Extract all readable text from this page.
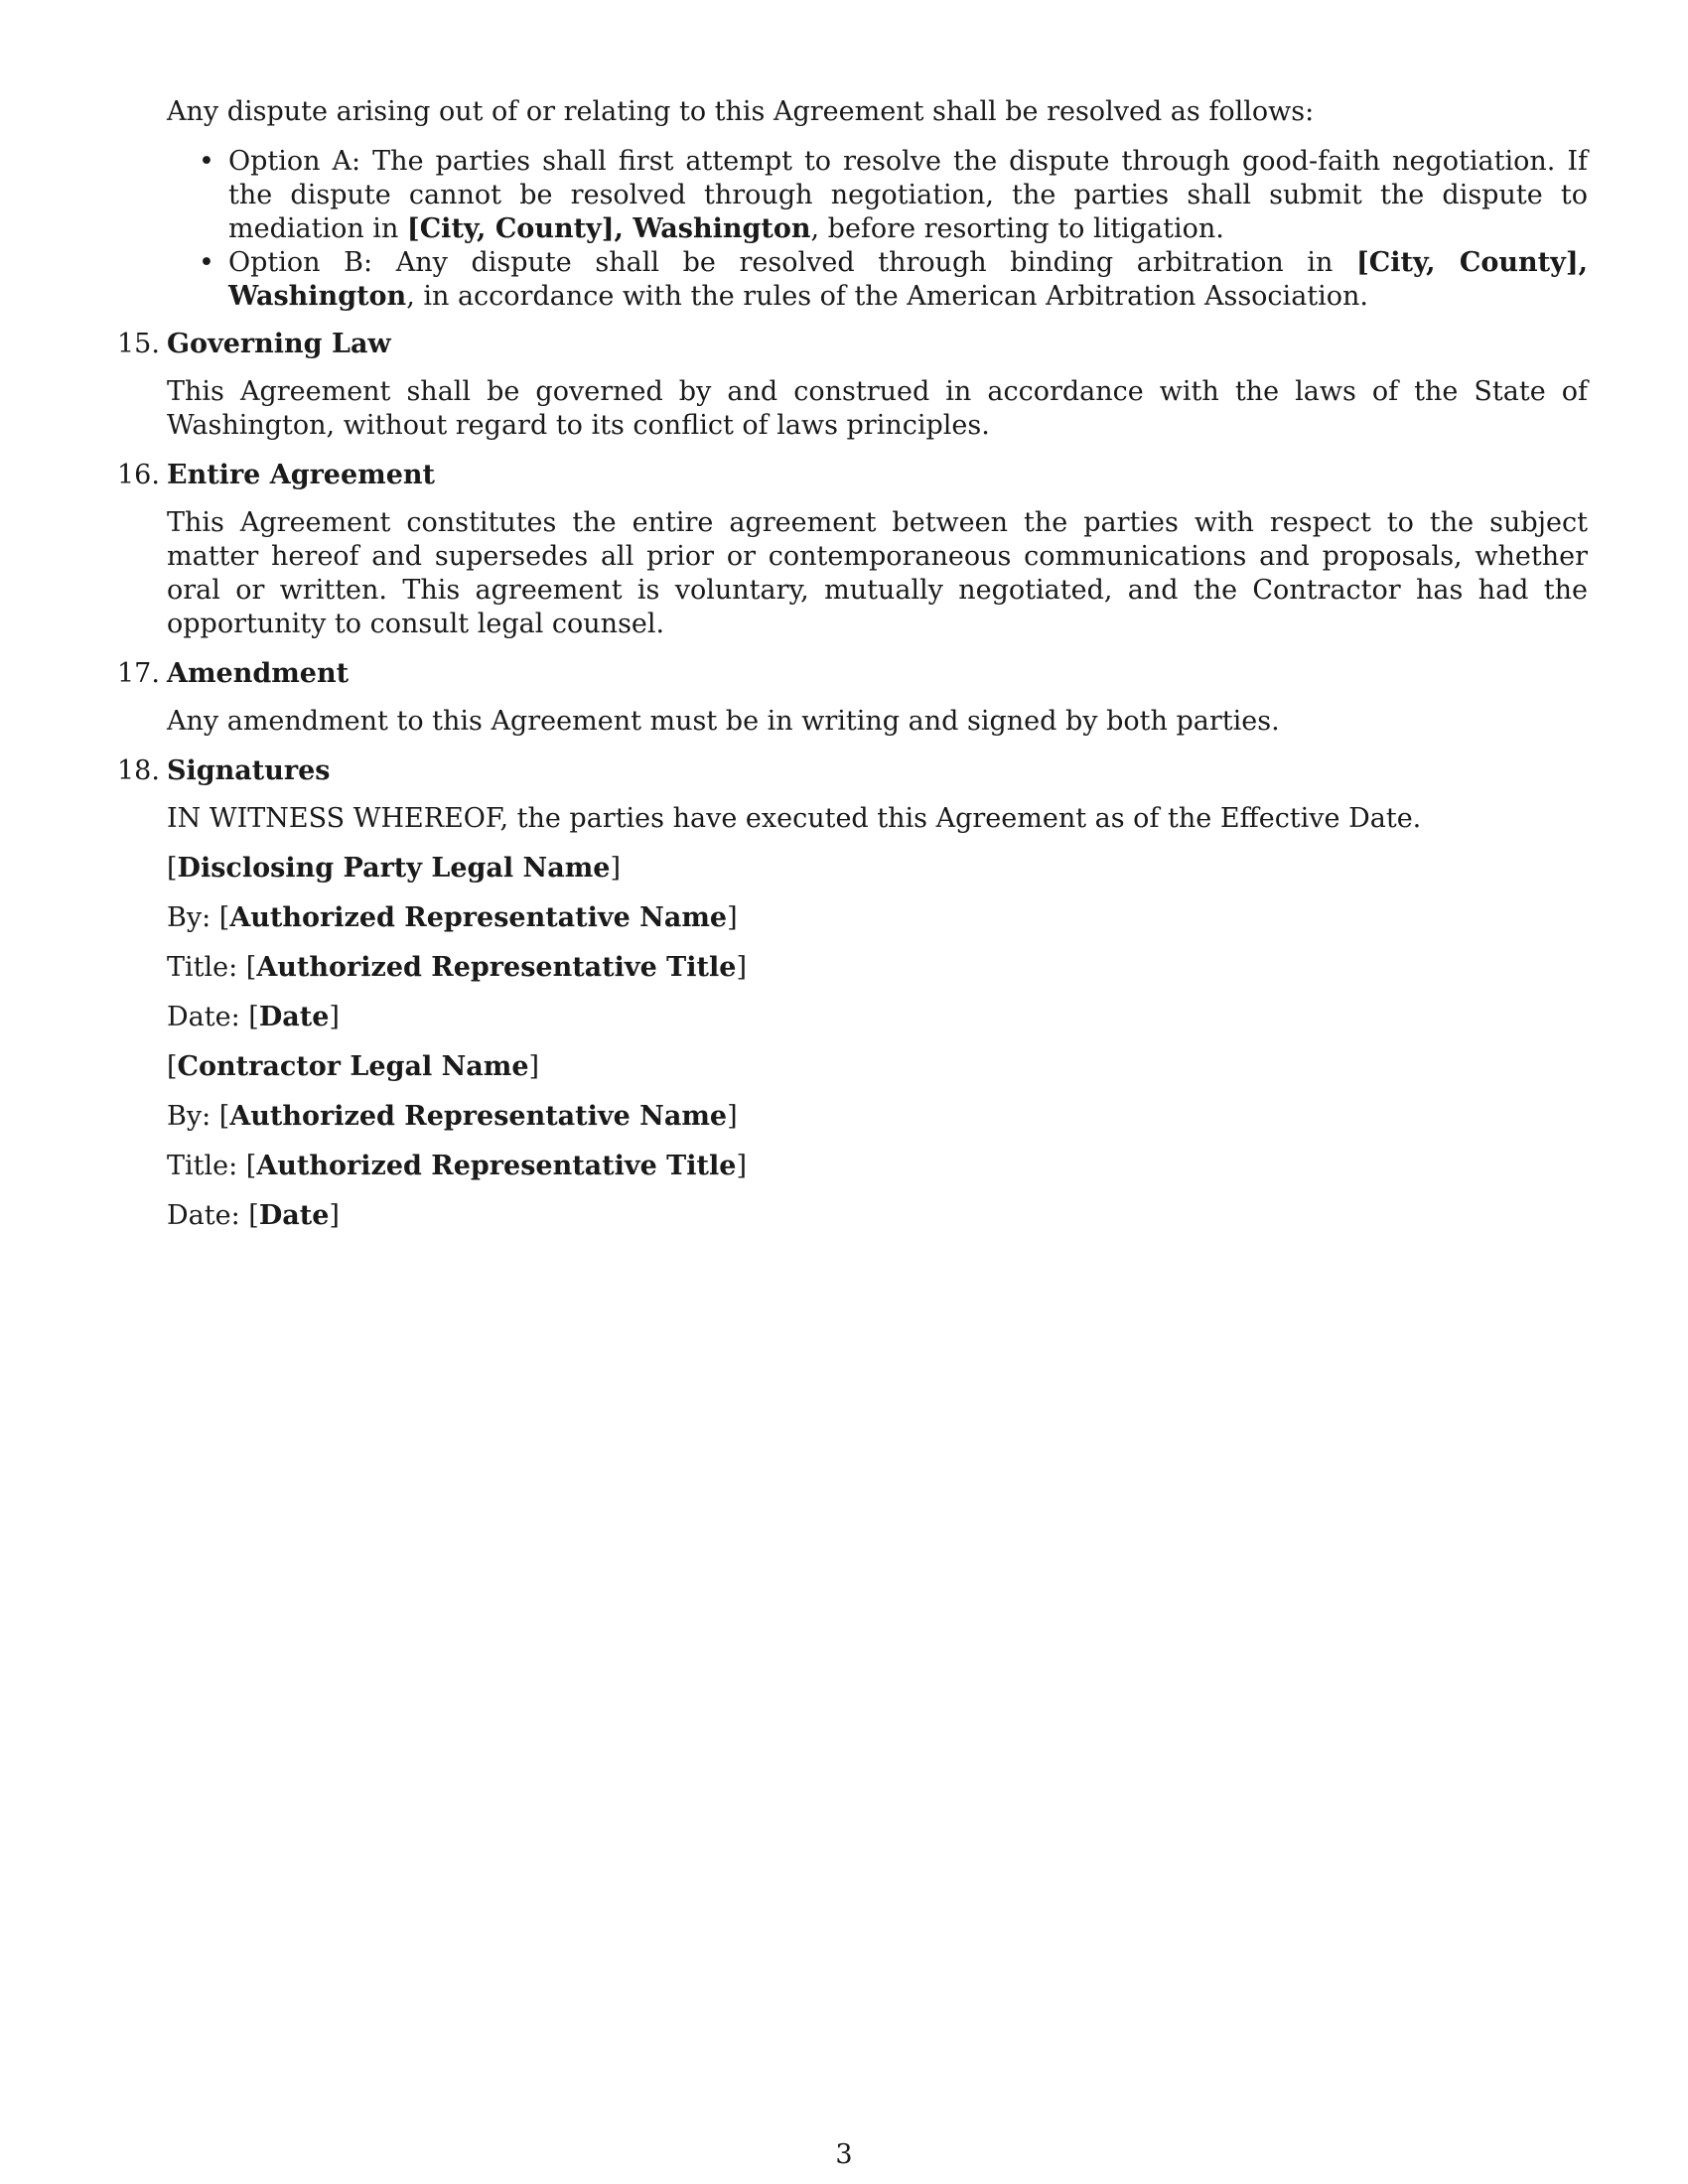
Any dispute arising out of or relating to this Agreement shall be resolved as follows:

• Option A: The parties shall first attempt to resolve the dispute through good-faith negotiation. If the dispute cannot be resolved through negotiation, the parties shall submit the dispute to mediation in [City, County], Washington, before resorting to litigation.
• Option B: Any dispute shall be resolved through binding arbitration in [City, County], Washington, in accordance with the rules of the American Arbitration Association.
15. Governing Law

This Agreement shall be governed by and construed in accordance with the laws of the State of Washington, without regard to its conflict of laws principles.

16. Entire Agreement

This Agreement constitutes the entire agreement between the parties with respect to the subject matter hereof and supersedes all prior or contemporaneous communications and proposals, whether oral or written. This agreement is voluntary, mutually negotiated, and the Contractor has had the opportunity to consult legal counsel.

17. Amendment

Any amendment to this Agreement must be in writing and signed by both parties.

18. Signatures

IN WITNESS WHEREOF, the parties have executed this Agreement as of the Effective Date.

[Disclosing Party Legal Name]

By: [Authorized Representative Name]

Title: [Authorized Representative Title]

Date: [Date]

[Contractor Legal Name]

By: [Authorized Representative Name]

Title: [Authorized Representative Title]

Date: [Date]

3
